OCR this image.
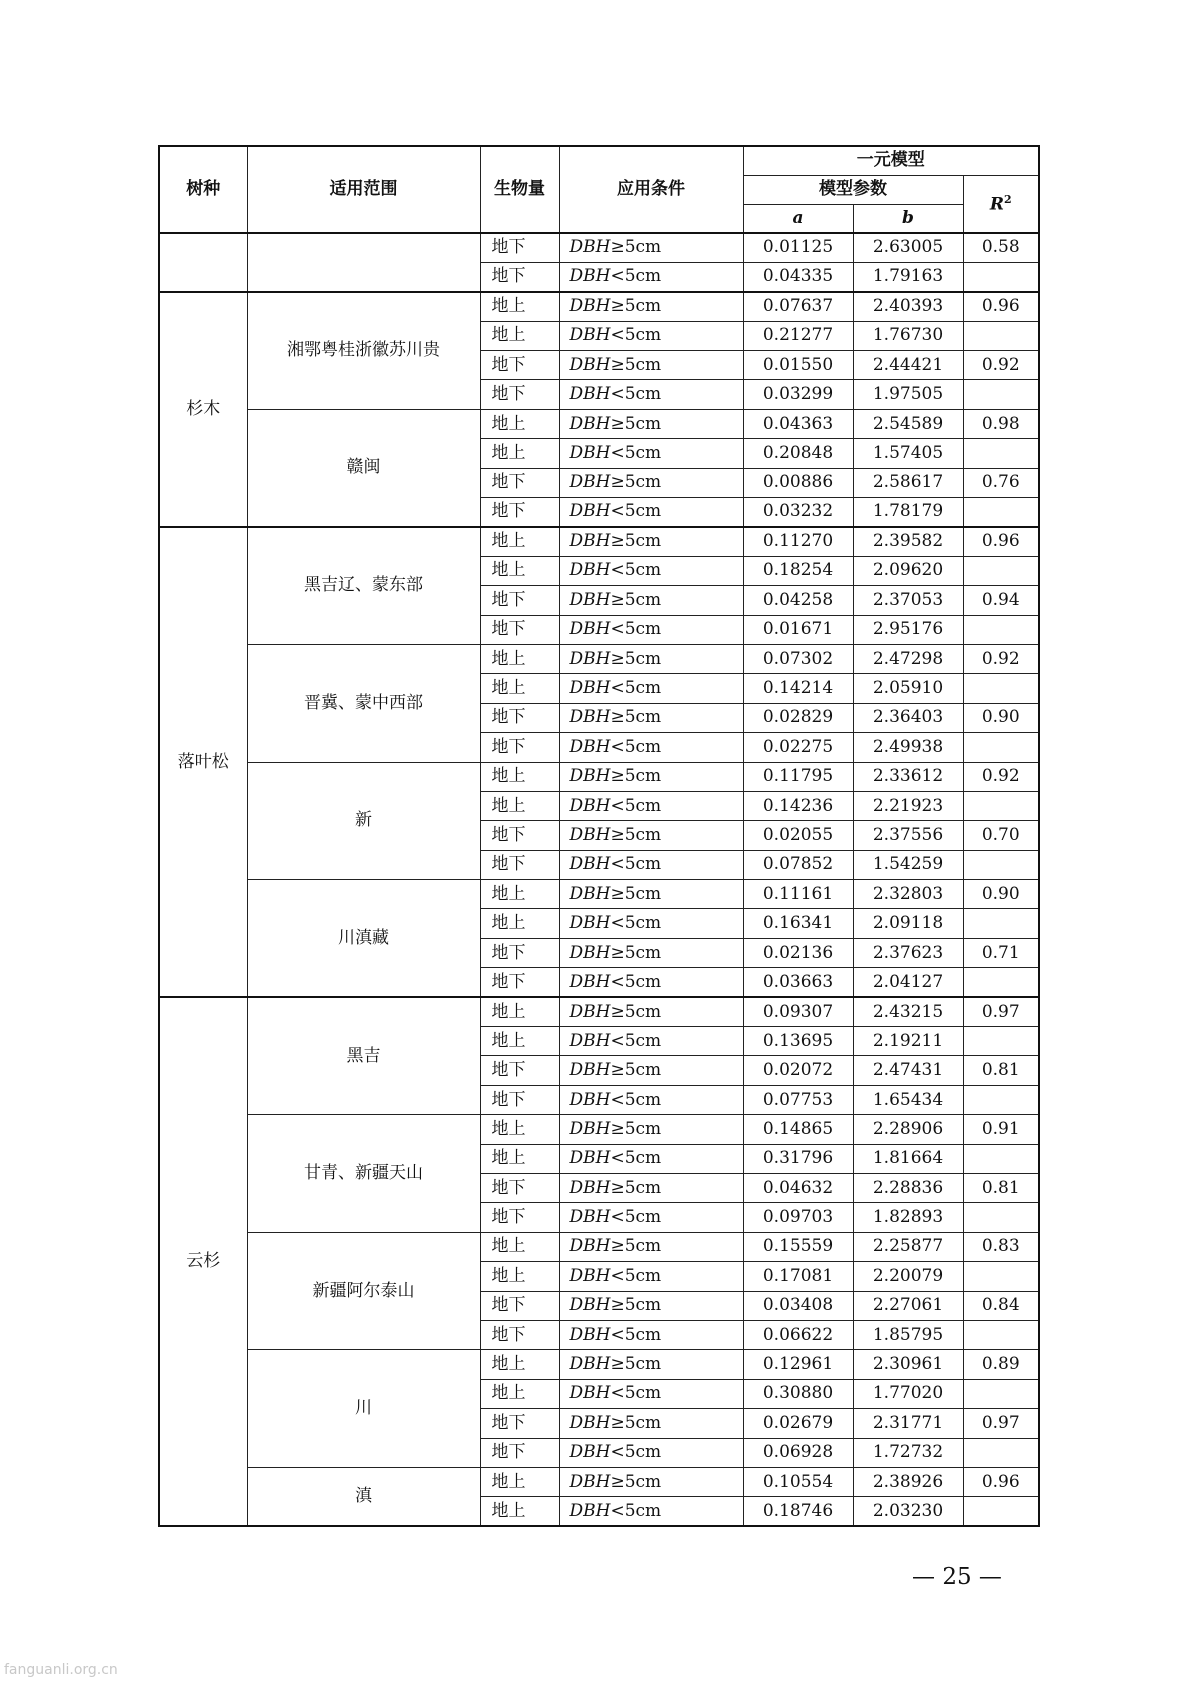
树种	适用范围	生物量	应用条件	一元模型		
				模型参数		$R^2$
				a	b	
		地下	DBH≥5cm	0.01125	2.63005	0.58
		地下	DBH<5cm	0.04335	1.79163	
杉木	湘鄂粤桂浙徽苏川贵	地上	DBH≥5cm	0.07637	2.40393	0.96
		地上	DBH<5cm	0.21277	1.76730	
		地下	DBH≥5cm	0.01550	2.44421	0.92
		地下	DBH<5cm	0.03299	1.97505	
	赣闽	地上	DBH≥5cm	0.04363	2.54589	0.98
		地上	DBH<5cm	0.20848	1.57405	
		地下	DBH≥5cm	0.00886	2.58617	0.76
		地下	DBH<5cm	0.03232	1.78179	
落叶松	黑吉辽、蒙东部	地上	DBH≥5cm	0.11270	2.39582	0.96
		地上	DBH<5cm	0.18254	2.09620	
		地下	DBH≥5cm	0.04258	2.37053	0.94
		地下	DBH<5cm	0.01671	2.95176	
	晋冀、蒙中西部	地上	DBH≥5cm	0.07302	2.47298	0.92
		地上	DBH<5cm	0.14214	2.05910	
		地下	DBH≥5cm	0.02829	2.36403	0.90
		地下	DBH<5cm	0.02275	2.49938	
	新	地上	DBH≥5cm	0.11795	2.33612	0.92
		地上	DBH<5cm	0.14236	2.21923	
		地下	DBH≥5cm	0.02055	2.37556	0.70
		地下	DBH<5cm	0.07852	1.54259	
	川滇藏	地上	DBH≥5cm	0.11161	2.32803	0.90
		地上	DBH<5cm	0.16341	2.09118	
		地下	DBH≥5cm	0.02136	2.37623	0.71
		地下	DBH<5cm	0.03663	2.04127	
云杉	黑吉	地上	DBH≥5cm	0.09307	2.43215	0.97
		地上	DBH<5cm	0.13695	2.19211	
		地下	DBH≥5cm	0.02072	2.47431	0.81
		地下	DBH<5cm	0.07753	1.65434	
	甘青、新疆天山	地上	DBH≥5cm	0.14865	2.28906	0.91
		地上	DBH<5cm	0.31796	1.81664	
		地下	DBH≥5cm	0.04632	2.28836	0.81
		地下	DBH<5cm	0.09703	1.82893	
	新疆阿尔泰山	地上	DBH≥5cm	0.15559	2.25877	0.83
		地上	DBH<5cm	0.17081	2.20079	
		地下	DBH≥5cm	0.03408	2.27061	0.84
		地下	DBH<5cm	0.06622	1.85795	
	川	地上	DBH≥5cm	0.12961	2.30961	0.89
		地上	DBH<5cm	0.30880	1.77020	
		地下	DBH≥5cm	0.02679	2.31771	0.97
		地下	DBH<5cm	0.06928	1.72732	
	滇	地上	DBH≥5cm	0.10554	2.38926	0.96
		地上	DBH<5cm	0.18746	2.03230	
— 25 —
fanguanli.org.cn
